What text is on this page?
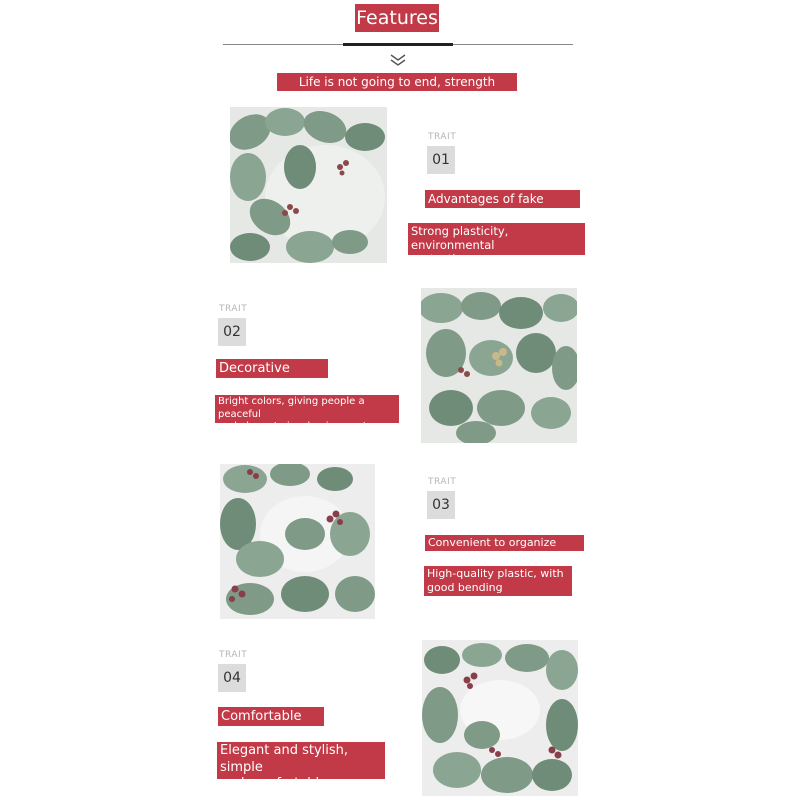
Features
Life is not going to end, strength testimony
TRAIT
01
Advantages of fake flowers
Strong plasticity, environmental
protection, easy maintenance
TRAIT
02
Decorative space
Bright colors, giving people a peaceful
and elegant visual enjoyment
TRAIT
03
Convenient to organize styling
High-quality plastic, with
good bending performance
TRAIT
04
Comfortable life
Elegant and stylish, simple
and comfortable
